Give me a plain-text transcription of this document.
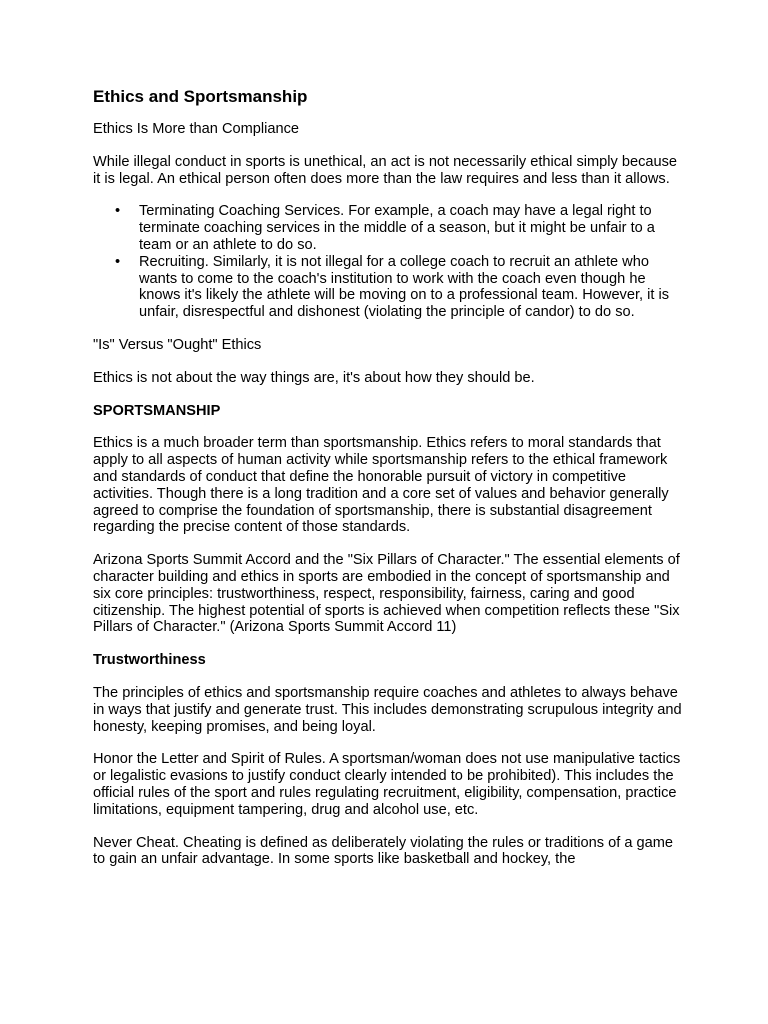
Ethics and Sportsmanship

Ethics Is More than Compliance

While illegal conduct in sports is unethical, an act is not necessarily ethical simply because it is legal. An ethical person often does more than the law requires and less than it allows.

• Terminating Coaching Services. For example, a coach may have a legal right to terminate coaching services in the middle of a season, but it might be unfair to a team or an athlete to do so.
• Recruiting. Similarly, it is not illegal for a college coach to recruit an athlete who wants to come to the coach's institution to work with the coach even though he knows it's likely the athlete will be moving on to a professional team. However, it is unfair, disrespectful and dishonest (violating the principle of candor) to do so.

"Is" Versus "Ought" Ethics

Ethics is not about the way things are, it's about how they should be.

SPORTSMANSHIP

Ethics is a much broader term than sportsmanship. Ethics refers to moral standards that apply to all aspects of human activity while sportsmanship refers to the ethical framework and standards of conduct that define the honorable pursuit of victory in competitive activities. Though there is a long tradition and a core set of values and behavior generally agreed to comprise the foundation of sportsmanship, there is substantial disagreement regarding the precise content of those standards.

Arizona Sports Summit Accord and the "Six Pillars of Character." The essential elements of character building and ethics in sports are embodied in the concept of sportsmanship and six core principles: trustworthiness, respect, responsibility, fairness, caring and good citizenship. The highest potential of sports is achieved when competition reflects these "Six Pillars of Character." (Arizona Sports Summit Accord 11)

Trustworthiness

The principles of ethics and sportsmanship require coaches and athletes to always behave in ways that justify and generate trust. This includes demonstrating scrupulous integrity and honesty, keeping promises, and being loyal.

Honor the Letter and Spirit of Rules. A sportsman/woman does not use manipulative tactics or legalistic evasions to justify conduct clearly intended to be prohibited). This includes the official rules of the sport and rules regulating recruitment, eligibility, compensation, practice limitations, equipment tampering, drug and alcohol use, etc.

Never Cheat. Cheating is defined as deliberately violating the rules or traditions of a game to gain an unfair advantage. In some sports like basketball and hockey, the
